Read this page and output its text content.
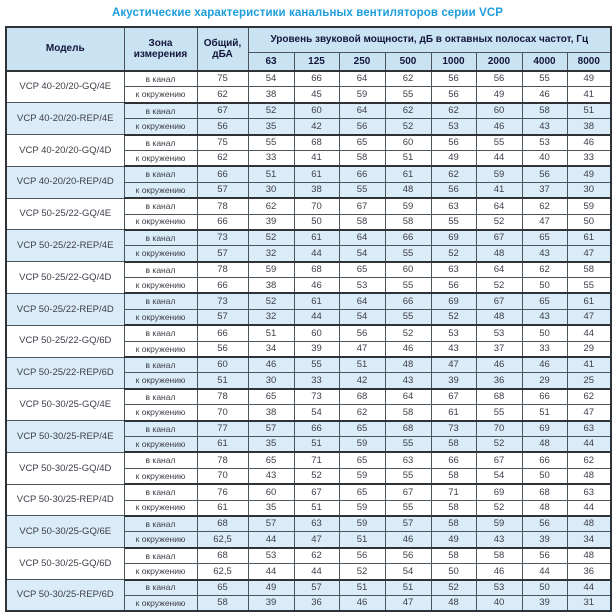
Акустические характеристики канальных вентиляторов серии VCP
Модель	Зона измерения	Общий, дБА	Уровень звуковой мощности, дБ в октавных полосах частот, Гц							
			63	125	250	500	1000	2000	4000	8000
VCP 40-20/20-GQ/4E	в канал	75	54	66	64	62	56	56	55	49
	к окружению	62	38	45	59	55	56	49	46	41
VCP 40-20/20-REP/4E	в канал	67	52	60	64	62	62	60	58	51
	к окружению	56	35	42	56	52	53	46	43	38
VCP 40-20/20-GQ/4D	в канал	75	55	68	65	60	56	55	53	46
	к окружению	62	33	41	58	51	49	44	40	33
VCP 40-20/20-REP/4D	в канал	66	51	61	66	61	62	59	56	49
	к окружению	57	30	38	55	48	56	41	37	30
VCP 50-25/22-GQ/4E	в канал	78	62	70	67	59	63	64	62	59
	к окружению	66	39	50	58	58	55	52	47	50
VCP 50-25/22-REP/4E	в канал	73	52	61	64	66	69	67	65	61
	к окружению	57	32	44	54	55	52	48	43	47
VCP 50-25/22-GQ/4D	в канал	78	59	68	65	60	63	64	62	58
	к окружению	66	38	46	53	55	56	52	50	55
VCP 50-25/22-REP/4D	в канал	73	52	61	64	66	69	67	65	61
	к окружению	57	32	44	54	55	52	48	43	47
VCP 50-25/22-GQ/6D	в канал	66	51	60	56	52	53	53	50	44
	к окружению	56	34	39	47	46	43	37	33	29
VCP 50-25/22-REP/6D	в канал	60	46	55	51	48	47	46	46	41
	к окружению	51	30	33	42	43	39	36	29	25
VCP 50-30/25-GQ/4E	в канал	78	65	73	68	64	67	68	66	62
	к окружению	70	38	54	62	58	61	55	51	47
VCP 50-30/25-REP/4E	в канал	77	57	66	65	68	73	70	69	63
	к окружению	61	35	51	59	55	58	52	48	44
VCP 50-30/25-GQ/4D	в канал	78	65	71	65	63	66	67	66	62
	к окружению	70	43	52	59	55	58	54	50	48
VCP 50-30/25-REP/4D	в канал	76	60	67	65	67	71	69	68	63
	к окружению	61	35	51	59	55	58	52	48	44
VCP 50-30/25-GQ/6E	в канал	68	57	63	59	57	58	59	56	48
	к окружению	62,5	44	47	51	46	49	43	39	34
VCP 50-30/25-GQ/6D	в канал	68	53	62	56	56	58	58	56	48
	к окружению	62,5	44	44	52	54	50	46	44	36
VCP 50-30/25-REP/6D	в канал	65	49	57	51	51	52	53	50	44
	к окружению	58	39	36	46	47	48	40	39	31
